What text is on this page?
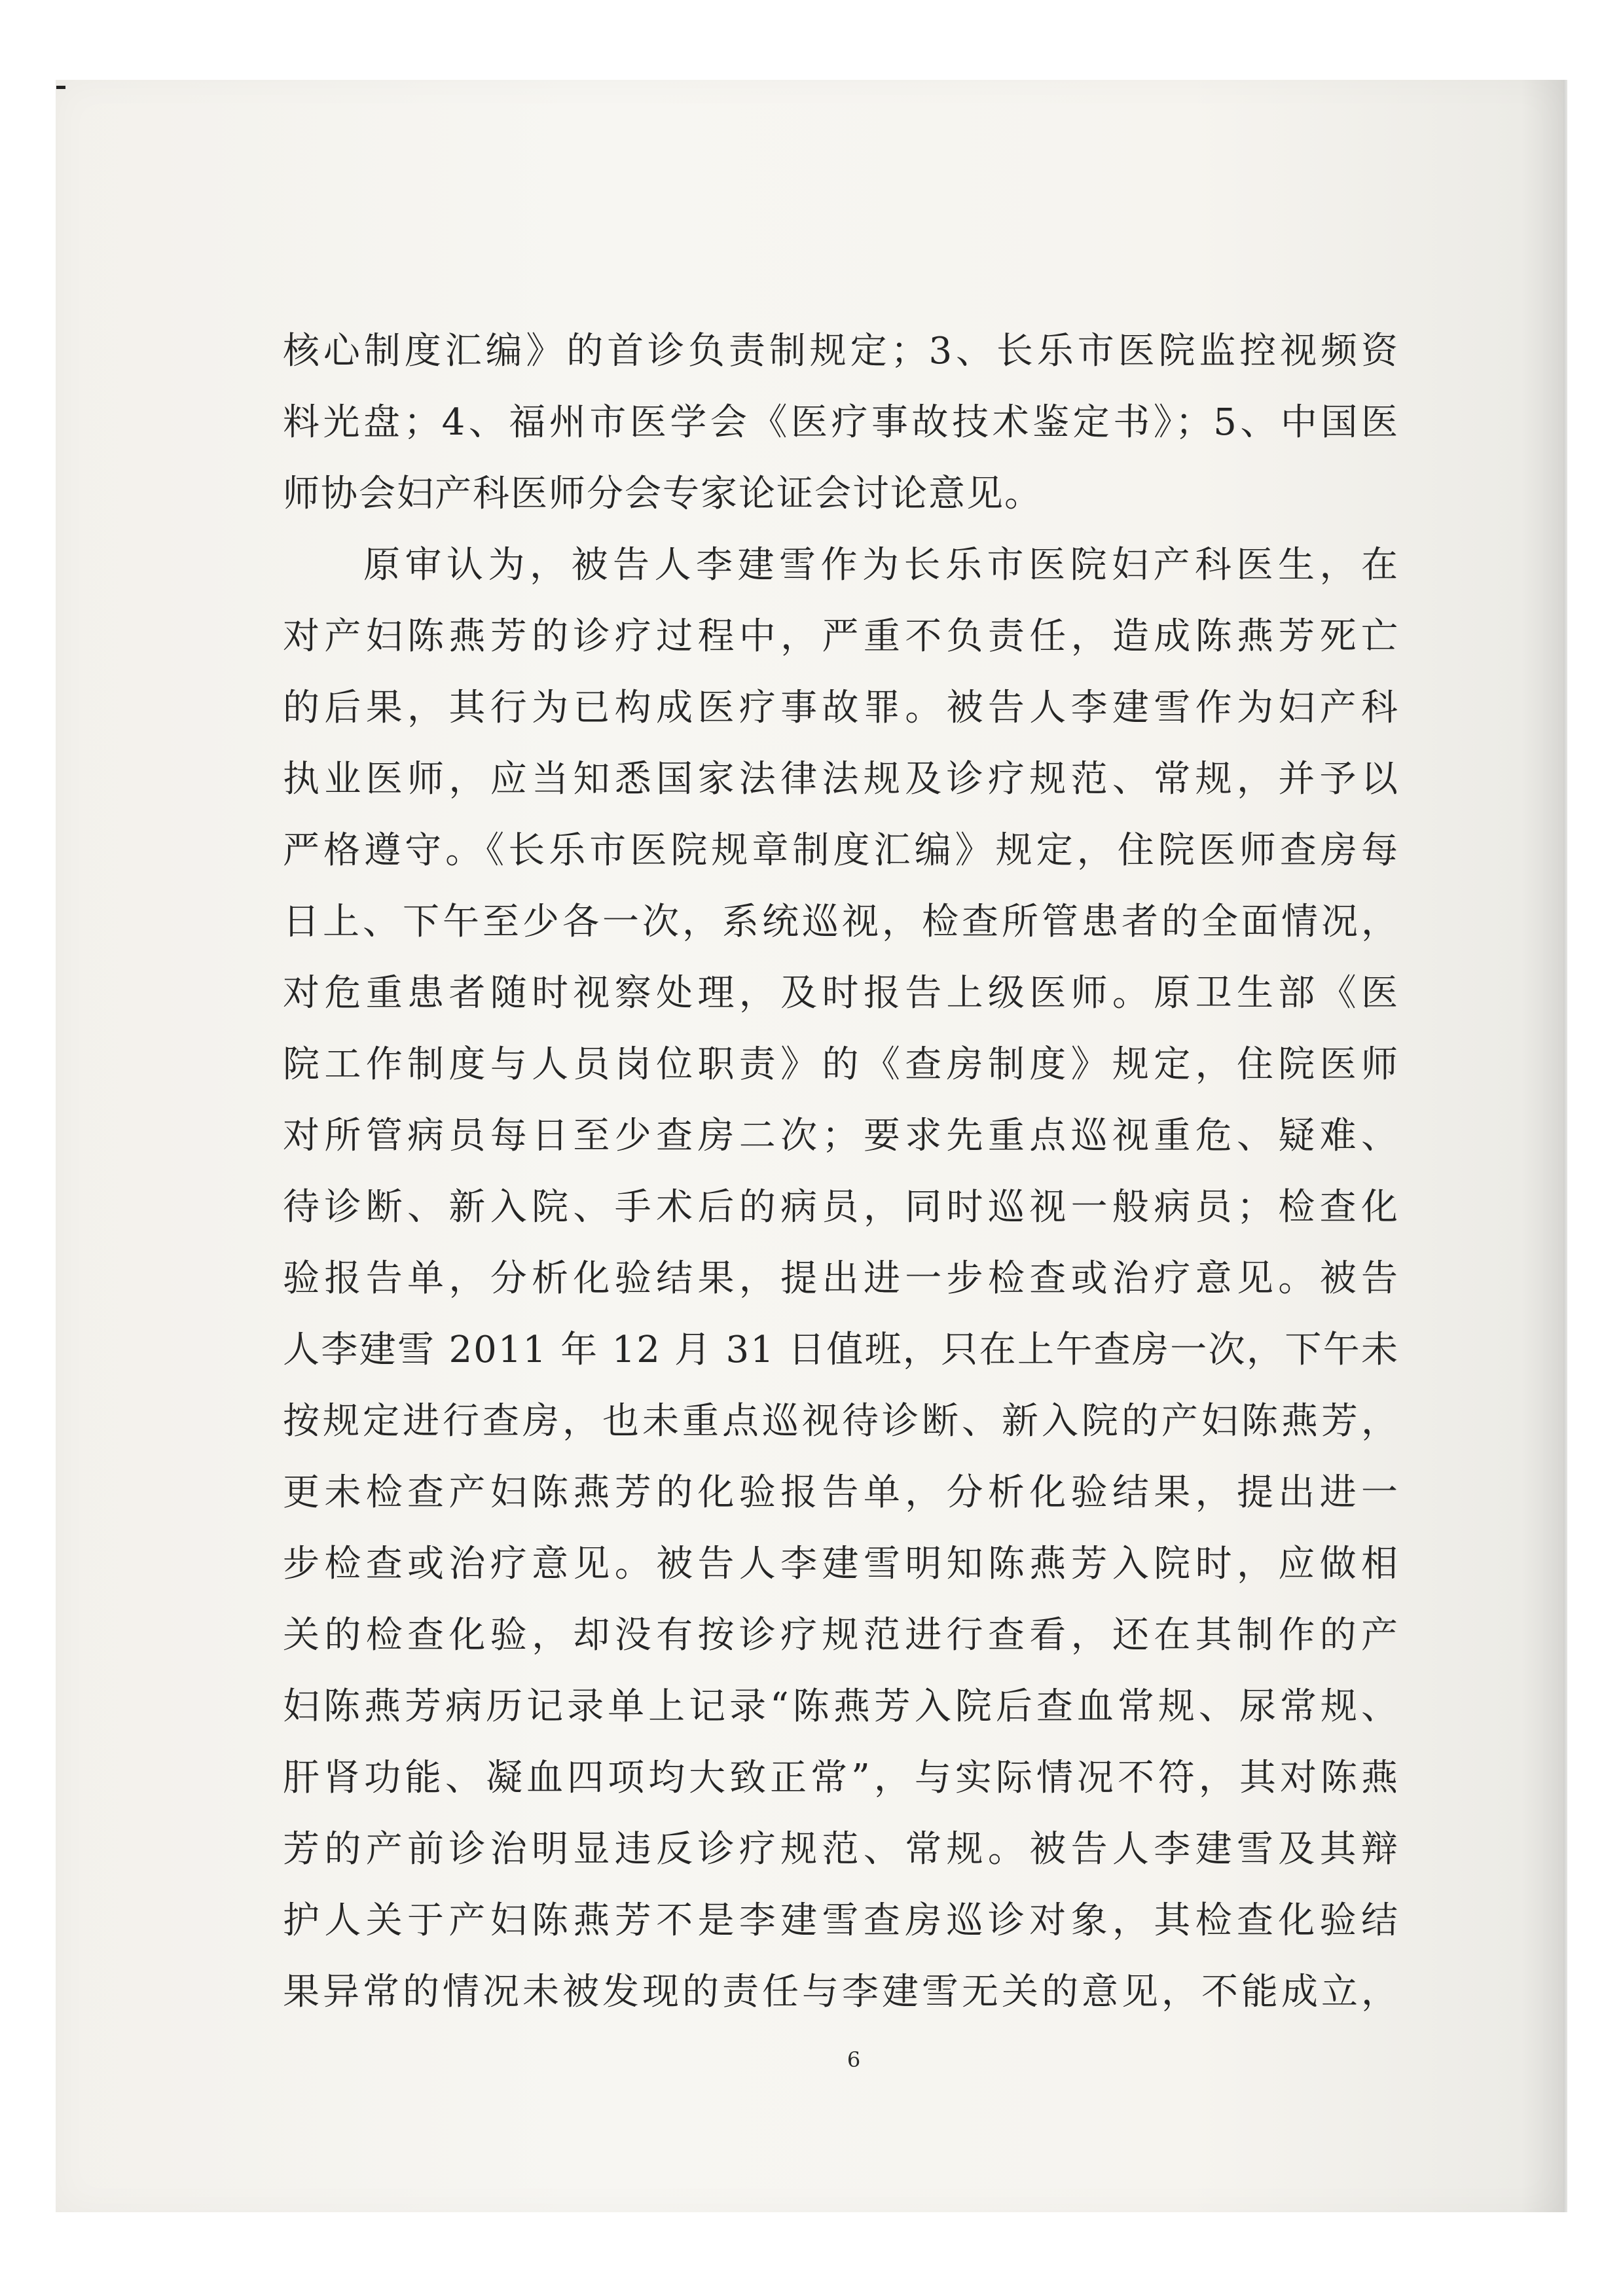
核心制度汇编》的首诊负责制规定；3、长乐市医院监控视频资
料光盘；4、福州市医学会《医疗事故技术鉴定书》；5、中国医
师协会妇产科医师分会专家论证会讨论意见。
原审认为，被告人李建雪作为长乐市医院妇产科医生，在
对产妇陈燕芳的诊疗过程中，严重不负责任，造成陈燕芳死亡
的后果，其行为已构成医疗事故罪。被告人李建雪作为妇产科
执业医师，应当知悉国家法律法规及诊疗规范、常规，并予以
严格遵守。《长乐市医院规章制度汇编》规定，住院医师查房每
日上、下午至少各一次，系统巡视，检查所管患者的全面情况，
对危重患者随时视察处理，及时报告上级医师。原卫生部《医
院工作制度与人员岗位职责》的《查房制度》规定，住院医师
对所管病员每日至少查房二次；要求先重点巡视重危、疑难、
待诊断、新入院、手术后的病员，同时巡视一般病员；检查化
验报告单，分析化验结果，提出进一步检查或治疗意见。被告
人李建雪 2011 年 12 月 31 日值班，只在上午查房一次，下午未
按规定进行查房，也未重点巡视待诊断、新入院的产妇陈燕芳，
更未检查产妇陈燕芳的化验报告单，分析化验结果，提出进一
步检查或治疗意见。被告人李建雪明知陈燕芳入院时，应做相
关的检查化验，却没有按诊疗规范进行查看，还在其制作的产
妇陈燕芳病历记录单上记录“陈燕芳入院后查血常规、尿常规、
肝肾功能、凝血四项均大致正常”，与实际情况不符，其对陈燕
芳的产前诊治明显违反诊疗规范、常规。被告人李建雪及其辩
护人关于产妇陈燕芳不是李建雪查房巡诊对象，其检查化验结
果异常的情况未被发现的责任与李建雪无关的意见，不能成立，
6
